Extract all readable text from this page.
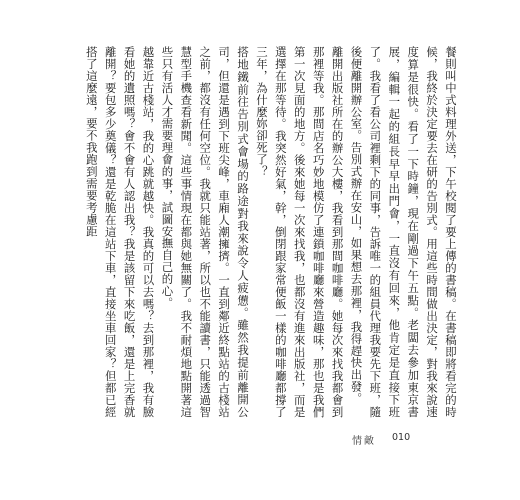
餐則叫中式料理外送，下午校閱了要上傳的書稿。在書稿即將看完的時候，我終於決定要去在研的告別式。用這些時間做出決定，對我來說速度算是很快。看了一下時鐘，現在剛過下午五點。老闆去參加東京書展，編輯一起的組長早早出門會，一直沒有回來，他肯定是直接下班了。我看了看公司裡剩下的同事，告訴唯一的組員代理我要先下班，隨後便離開辦公室。告別式辦在安山，如果想去那裡，我得趕快出發。

離開出版社所在的辦公大樓，我看到那間咖啡廳。她每次來找我都會到那裡等我。那間店名巧妙地模仿了連鎖咖啡廳來營造趣味，那也是我們第一次見面的地方。後來她每一次來找我，也都沒有進來出版社，而是選擇在那等待。我突然好氣，幹，倒閉跟家常便飯一樣的咖啡廳都撐了三年，為什麼妳卻死了？

搭地鐵前往告別式會場的路途對我來說令人疲憊。雖然我提前離開公司，但還是遇到下班尖峰，車廂人潮擁擠。一直到鄰近終點站的古棧站之前，都沒有任何空位。我就只能站著，所以也不能讀書，只能透過智慧型手機查看新聞。這些事情現在都與她無關了。我不耐煩地點開著這些只有活人才需要理會的事，試圖安撫自己的心。

越靠近古棧站，我的心跳就越快。我真的可以去嗎？去到那裡，我有臉看她的遺照嗎？會不會有人認出我？我是該留下來吃飯，還是上完香就離開？要包多少奠儀？還是乾脆在這站下車，直接坐車回家？但都已經搭了這麼遠，要不我跑到需要考慮距

情敵 010
